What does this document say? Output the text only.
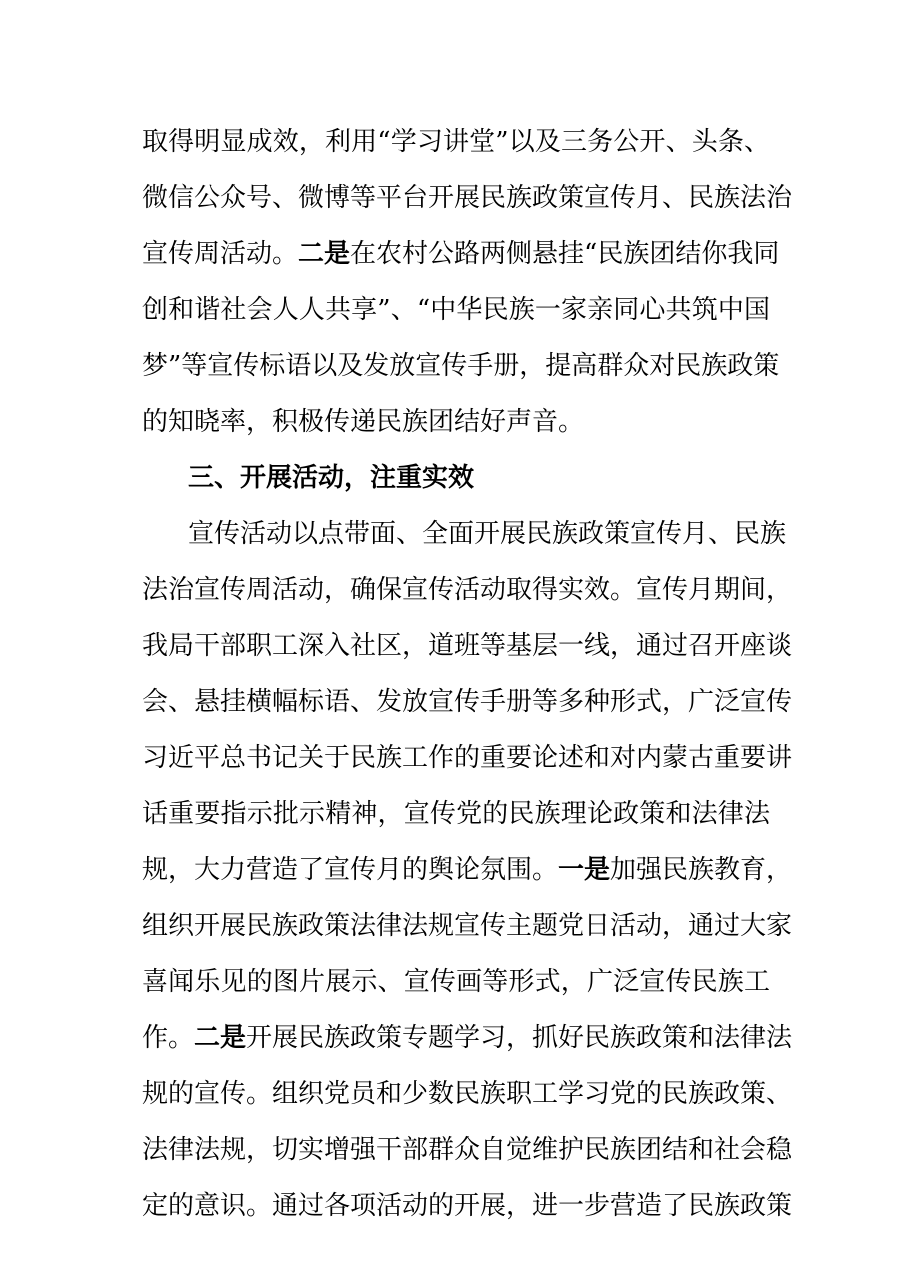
取得明显成效，利用“学习讲堂”以及三务公开、头条、
微信公众号、微博等平台开展民族政策宣传月、民族法治
宣传周活动。二是在农村公路两侧悬挂“民族团结你我同
创和谐社会人人共享”、“中华民族一家亲同心共筑中国
梦”等宣传标语以及发放宣传手册，提高群众对民族政策
的知晓率，积极传递民族团结好声音。
三、开展活动，注重实效
宣传活动以点带面、全面开展民族政策宣传月、民族
法治宣传周活动，确保宣传活动取得实效。宣传月期间，
我局干部职工深入社区，道班等基层一线，通过召开座谈
会、悬挂横幅标语、发放宣传手册等多种形式，广泛宣传
习近平总书记关于民族工作的重要论述和对内蒙古重要讲
话重要指示批示精神，宣传党的民族理论政策和法律法
规，大力营造了宣传月的舆论氛围。一是加强民族教育，
组织开展民族政策法律法规宣传主题党日活动，通过大家
喜闻乐见的图片展示、宣传画等形式，广泛宣传民族工
作。二是开展民族政策专题学习，抓好民族政策和法律法
规的宣传。组织党员和少数民族职工学习党的民族政策、
法律法规，切实增强干部群众自觉维护民族团结和社会稳
定的意识。通过各项活动的开展，进一步营造了民族政策
